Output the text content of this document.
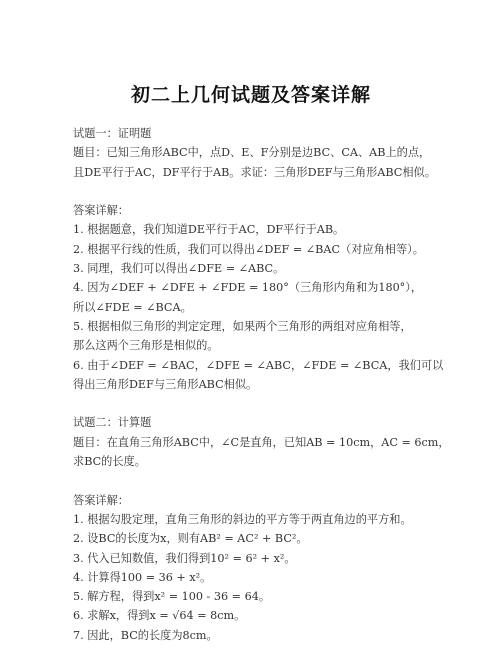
初二上几何试题及答案详解
试题一：证明题
题目：已知三角形ABC中，点D、E、F分别是边BC、CA、AB上的点，
且DE平行于AC，DF平行于AB。求证：三角形DEF与三角形ABC相似。
答案详解：
1. 根据题意，我们知道DE平行于AC，DF平行于AB。
2. 根据平行线的性质，我们可以得出∠DEF = ∠BAC（对应角相等）。
3. 同理，我们可以得出∠DFE = ∠ABC。
4. 因为∠DEF + ∠DFE + ∠FDE = 180°（三角形内角和为180°），
所以∠FDE = ∠BCA。
5. 根据相似三角形的判定定理，如果两个三角形的两组对应角相等，
那么这两个三角形是相似的。
6. 由于∠DEF = ∠BAC，∠DFE = ∠ABC，∠FDE = ∠BCA，我们可以
得出三角形DEF与三角形ABC相似。
试题二：计算题
题目：在直角三角形ABC中，∠C是直角，已知AB = 10cm，AC = 6cm，
求BC的长度。
答案详解：
1. 根据勾股定理，直角三角形的斜边的平方等于两直角边的平方和。
2. 设BC的长度为x，则有AB² = AC² + BC²。
3. 代入已知数值，我们得到10² = 6² + x²。
4. 计算得100 = 36 + x²。
5. 解方程，得到x² = 100 - 36 = 64。
6. 求解x，得到x = √64 = 8cm。
7. 因此，BC的长度为8cm。
